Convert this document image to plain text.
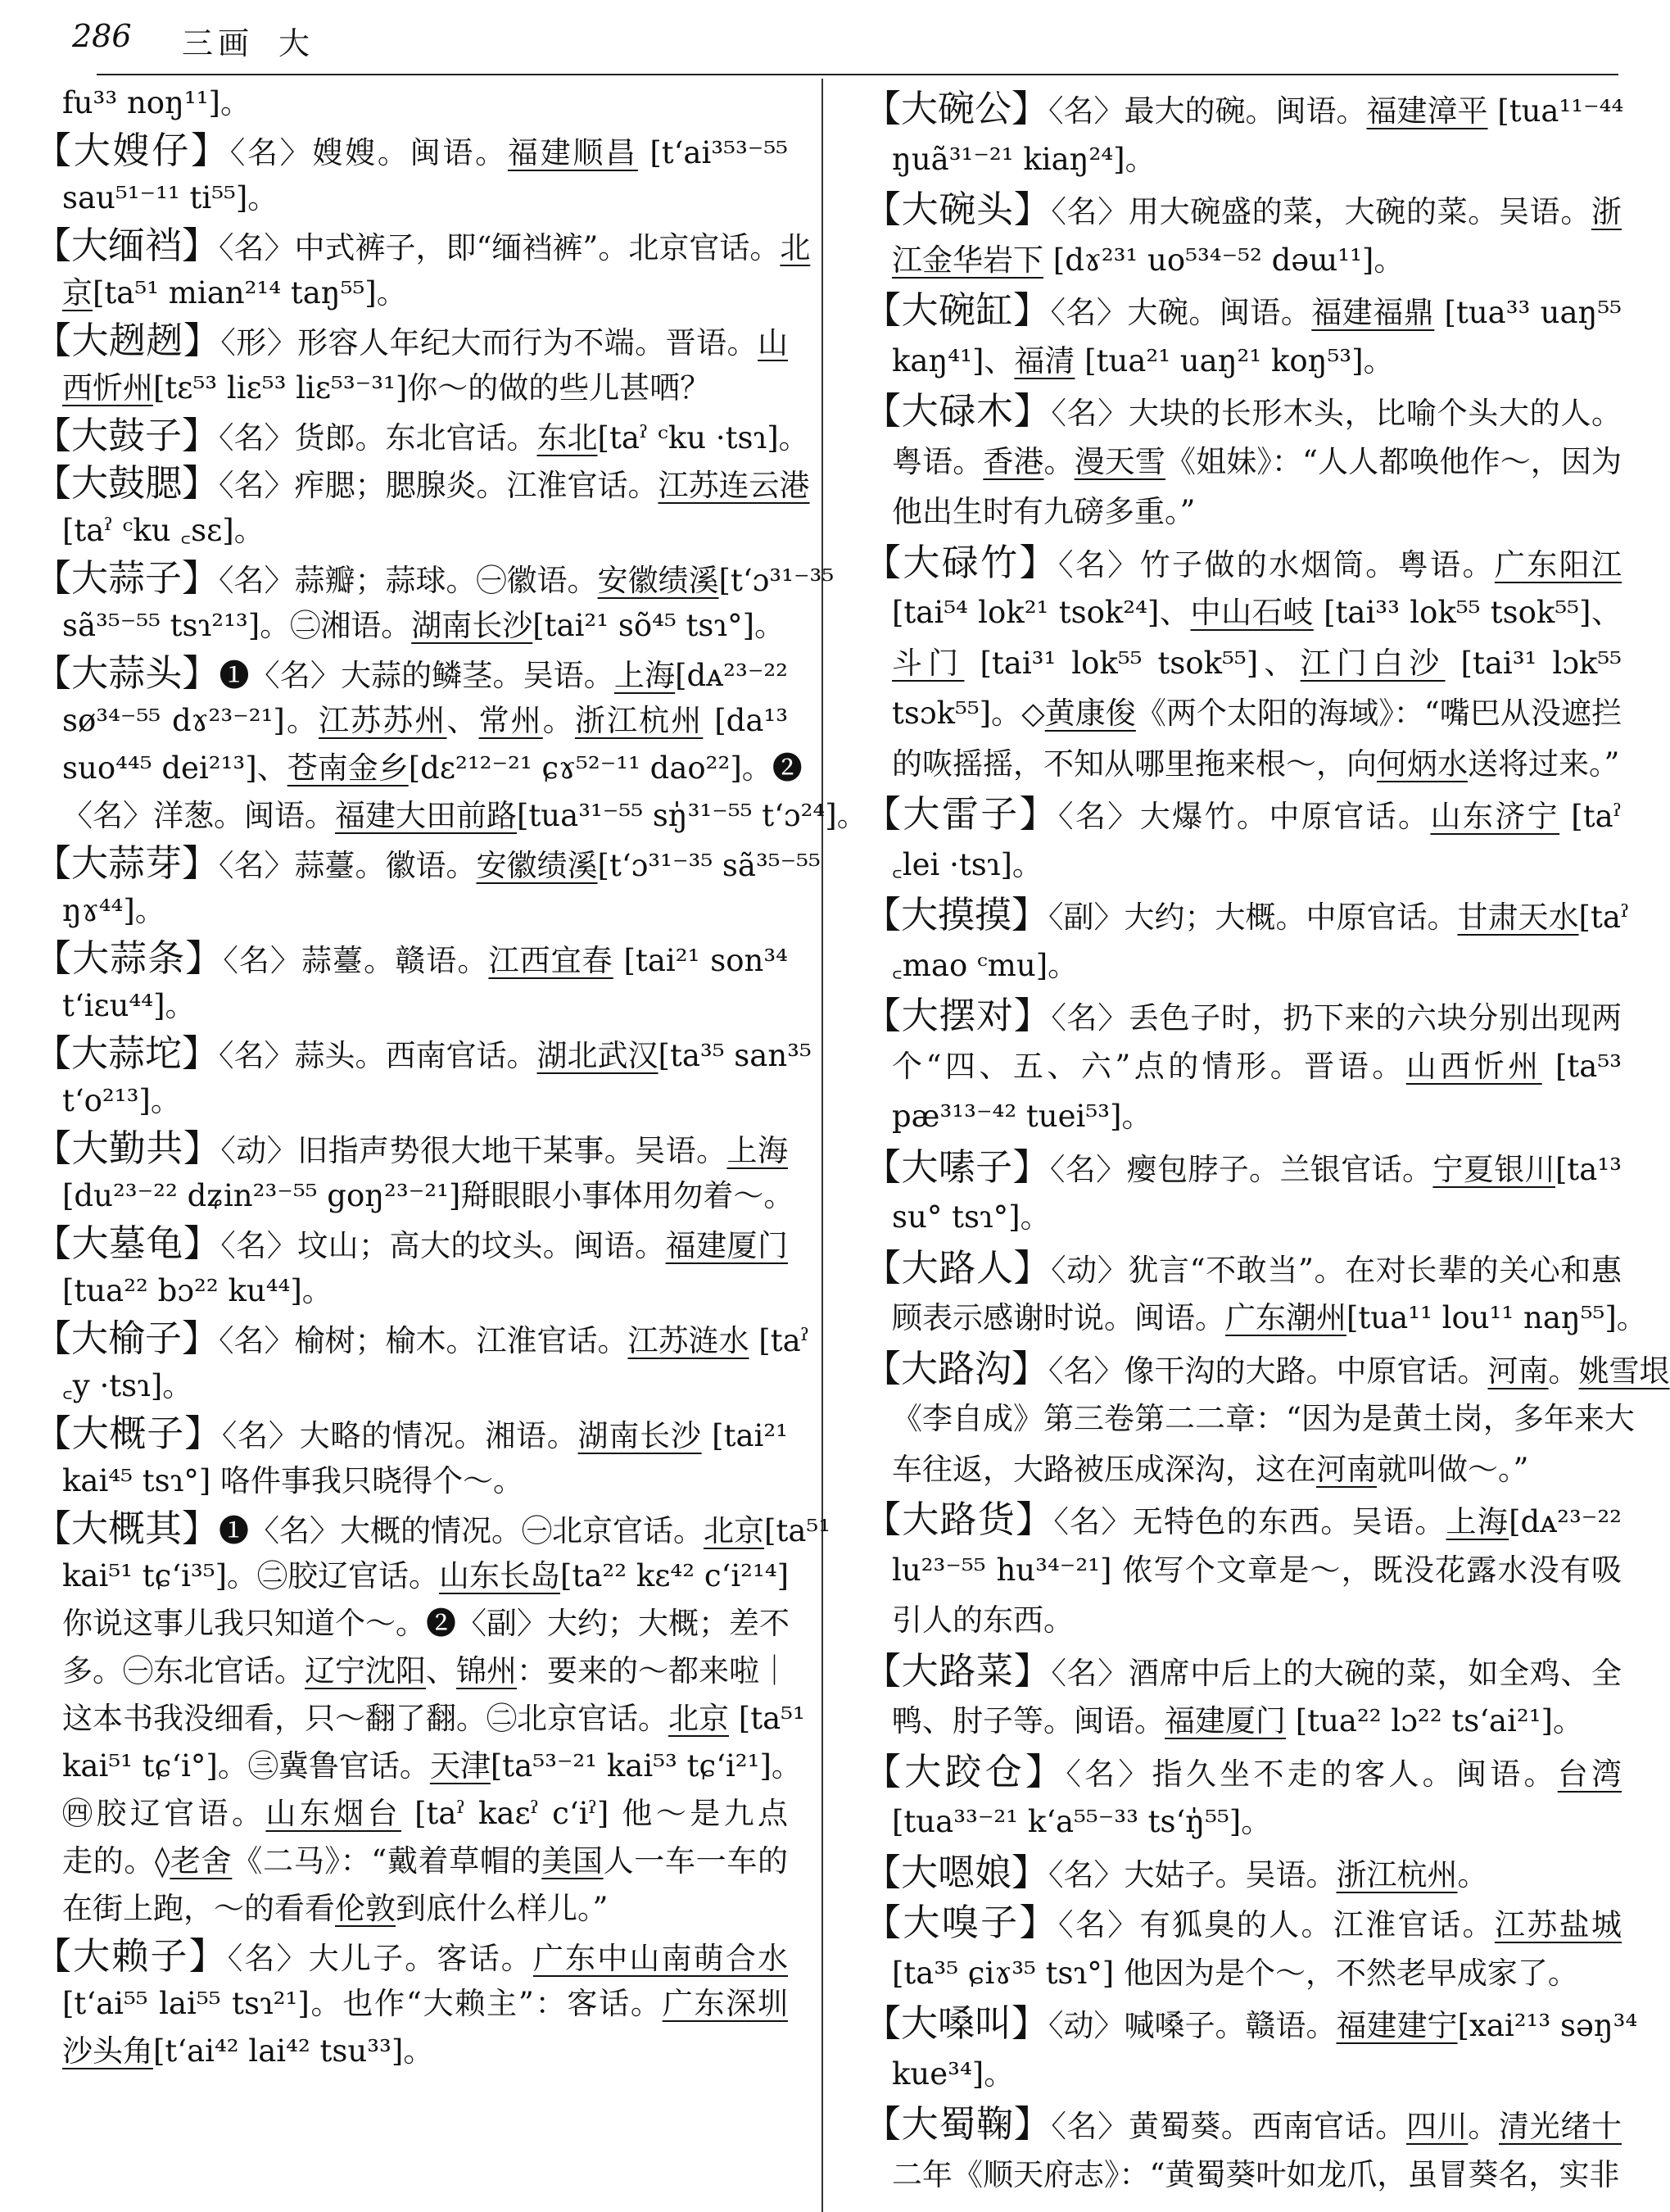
286 三画 大
fu³³ noŋ¹¹]。
【大嫂仔】〈名〉嫂嫂。闽语。福建顺昌 [t‘ai³⁵³⁻⁵⁵
sau⁵¹⁻¹¹ ti⁵⁵]。
【大缅裆】〈名〉中式裤子，即“缅裆裤”。北京官话。北
京[ta⁵¹ mian²¹⁴ taŋ⁵⁵]。
【大趔趔】〈形〉形容人年纪大而行为不端。晋语。山
西忻州[tɛ⁵³ liɛ⁵³ liɛ⁵³⁻³¹]你～的做的些儿甚哂？
【大鼓子】〈名〉货郎。东北官话。东北[taˀ ᶜku ·tsɿ]。
【大鼓腮】〈名〉痄腮；腮腺炎。江淮官话。江苏连云港
[taˀ ᶜku ꜀sɛ]。
【大蒜子】〈名〉蒜瓣；蒜球。㊀徽语。安徽绩溪[t‘ɔ³¹⁻³⁵
sã³⁵⁻⁵⁵ tsɿ²¹³]。㊁湘语。湖南长沙[tai²¹ sõ⁴⁵ tsɿ°]。
【大蒜头】❶〈名〉大蒜的鳞茎。吴语。上海[dᴀ²³⁻²²
sø³⁴⁻⁵⁵ dɤ²³⁻²¹]。江苏苏州、常州。浙江杭州 [da¹³
suo⁴⁴⁵ dei²¹³]、苍南金乡[dɛ²¹²⁻²¹ ɕɤ⁵²⁻¹¹ dao²²]。❷
〈名〉洋葱。闽语。福建大田前路[tua³¹⁻⁵⁵ sŋ̍³¹⁻⁵⁵ t‘ɔ²⁴]。
【大蒜芽】〈名〉蒜薹。徽语。安徽绩溪[t‘ɔ³¹⁻³⁵ sã³⁵⁻⁵⁵
ŋɤ⁴⁴]。
【大蒜条】〈名〉蒜薹。赣语。江西宜春 [tai²¹ son³⁴
t‘iɛu⁴⁴]。
【大蒜坨】〈名〉蒜头。西南官话。湖北武汉[ta³⁵ san³⁵
t‘o²¹³]。
【大勤共】〈动〉旧指声势很大地干某事。吴语。上海
[du²³⁻²² dʑin²³⁻⁵⁵ goŋ²³⁻²¹]搿眼眼小事体用勿着～。
【大墓龟】〈名〉坟山；高大的坟头。闽语。福建厦门
[tua²² bɔ²² ku⁴⁴]。
【大榆子】〈名〉榆树；榆木。江淮官话。江苏涟水 [taˀ
꜀y ·tsɿ]。
【大概子】〈名〉大略的情况。湘语。湖南长沙 [tai²¹
kai⁴⁵ tsɿ°] 咯件事我只晓得个～。
【大概其】❶〈名〉大概的情况。㊀北京官话。北京[ta⁵¹
kai⁵¹ tɕ‘i³⁵]。㊁胶辽官话。山东长岛[ta²² kɛ⁴² c‘i²¹⁴]
你说这事儿我只知道个～。❷〈副〉大约；大概；差不
多。㊀东北官话。辽宁沈阳、锦州：要来的～都来啦｜
这本书我没细看，只～翻了翻。㊁北京官话。北京 [ta⁵¹
kai⁵¹ tɕ‘i°]。㊂冀鲁官话。天津[ta⁵³⁻²¹ kai⁵³ tɕ‘i²¹]。
㊃胶辽官语。山东烟台 [taˀ kaɛˀ c‘iˀ] 他～是九点
走的。◊老舍《二马》：“戴着草帽的美国人一车一车的
在街上跑，～的看看伦敦到底什么样儿。”
【大赖子】〈名〉大儿子。客话。广东中山南萌合水
[t‘ai⁵⁵ lai⁵⁵ tsɿ²¹]。也作“大赖主”：客话。广东深圳
沙头角[t‘ai⁴² lai⁴² tsu³³]。
【大碗公】〈名〉最大的碗。闽语。福建漳平 [tua¹¹⁻⁴⁴
ŋuã³¹⁻²¹ kiaŋ²⁴]。
【大碗头】〈名〉用大碗盛的菜，大碗的菜。吴语。浙
江金华岩下 [dɤ²³¹ uo⁵³⁴⁻⁵² dəɯ¹¹]。
【大碗缸】〈名〉大碗。闽语。福建福鼎 [tua³³ uaŋ⁵⁵
kaŋ⁴¹]、福清 [tua²¹ uaŋ²¹ koŋ⁵³]。
【大碌木】〈名〉大块的长形木头，比喻个头大的人。
粤语。香港。漫天雪《姐妹》：“人人都唤他作～，因为
他出生时有九磅多重。”
【大碌竹】〈名〉竹子做的水烟筒。粤语。广东阳江
[tai⁵⁴ lok²¹ tsok²⁴]、中山石岐 [tai³³ lok⁵⁵ tsok⁵⁵]、
斗门 [tai³¹ lok⁵⁵ tsok⁵⁵]、江门白沙 [tai³¹ lɔk⁵⁵
tsɔk⁵⁵]。◇黄康俊《两个太阳的海域》：“嘴巴从没遮拦
的咴摇摇，不知从哪里拖来根～，向何炳水送将过来。”
【大雷子】〈名〉大爆竹。中原官话。山东济宁 [taˀ
꜀lei ·tsɿ]。
【大摸摸】〈副〉大约；大概。中原官话。甘肃天水[taˀ
꜀mao ᶜmu]。
【大摆对】〈名〉丢色子时，扔下来的六块分别出现两
个“四、五、六”点的情形。晋语。山西忻州 [ta⁵³
pæ³¹³⁻⁴² tuei⁵³]。
【大嗉子】〈名〉瘿包脖子。兰银官话。宁夏银川[ta¹³
su° tsɿ°]。
【大路人】〈动〉犹言“不敢当”。在对长辈的关心和惠
顾表示感谢时说。闽语。广东潮州[tua¹¹ lou¹¹ naŋ⁵⁵]。
【大路沟】〈名〉像干沟的大路。中原官话。河南。姚雪垠
《李自成》第三卷第二二章：“因为是黄土岗，多年来大
车往返，大路被压成深沟，这在河南就叫做～。”
【大路货】〈名〉无特色的东西。吴语。上海[dᴀ²³⁻²²
lu²³⁻⁵⁵ hu³⁴⁻²¹] 侬写个文章是～，既没花露水没有吸
引人的东西。
【大路菜】〈名〉酒席中后上的大碗的菜，如全鸡、全
鸭、肘子等。闽语。福建厦门 [tua²² lɔ²² ts‘ai²¹]。
【大跤仓】〈名〉指久坐不走的客人。闽语。台湾
[tua³³⁻²¹ k‘a⁵⁵⁻³³ ts‘ŋ̍⁵⁵]。
【大嗯娘】〈名〉大姑子。吴语。浙江杭州。
【大嗅子】〈名〉有狐臭的人。江淮官话。江苏盐城
[ta³⁵ ɕiɤ³⁵ tsɿ°] 他因为是个～，不然老早成家了。
【大嗓叫】〈动〉喊嗓子。赣语。福建建宁[xai²¹³ səŋ³⁴
kue³⁴]。
【大蜀鞠】〈名〉黄蜀葵。西南官话。四川。清光绪十
二年《顺天府志》：“黄蜀葵叶如龙爪，虽冒葵名，实非
